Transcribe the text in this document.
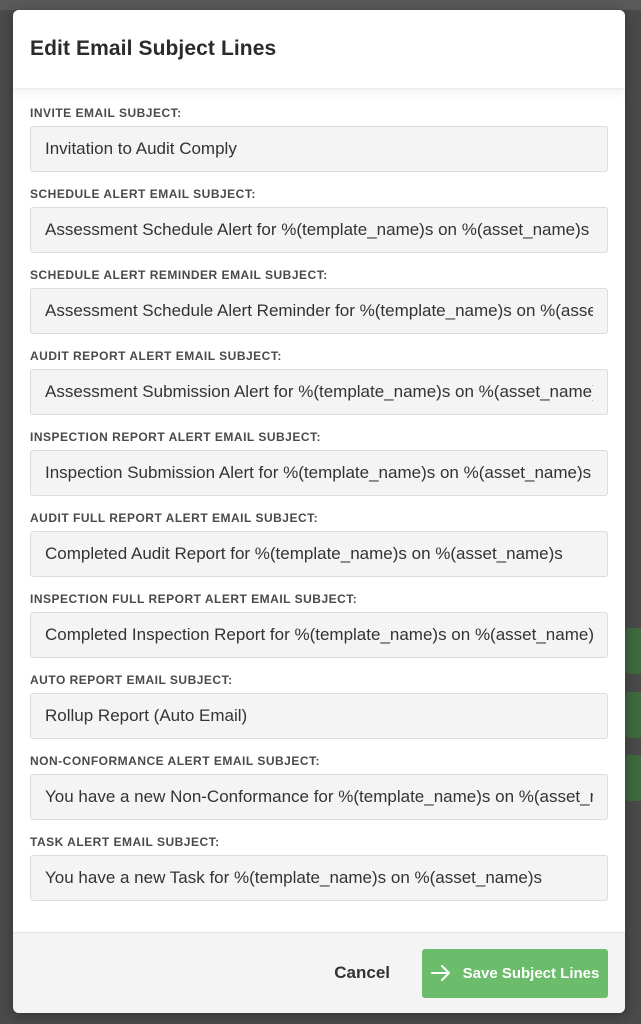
Edit Email Subject Lines
INVITE EMAIL SUBJECT:
Invitation to Audit Comply
SCHEDULE ALERT EMAIL SUBJECT:
Assessment Schedule Alert for %(template_name)s on %(asset_name)s
SCHEDULE ALERT REMINDER EMAIL SUBJECT:
Assessment Schedule Alert Reminder for %(template_name)s on %(asset_name)s
AUDIT REPORT ALERT EMAIL SUBJECT:
Assessment Submission Alert for %(template_name)s on %(asset_name)s
INSPECTION REPORT ALERT EMAIL SUBJECT:
Inspection Submission Alert for %(template_name)s on %(asset_name)s
AUDIT FULL REPORT ALERT EMAIL SUBJECT:
Completed Audit Report for %(template_name)s on %(asset_name)s
INSPECTION FULL REPORT ALERT EMAIL SUBJECT:
Completed Inspection Report for %(template_name)s on %(asset_name)s
AUTO REPORT EMAIL SUBJECT:
Rollup Report (Auto Email)
NON-CONFORMANCE ALERT EMAIL SUBJECT:
You have a new Non-Conformance for %(template_name)s on %(asset_name)s
TASK ALERT EMAIL SUBJECT:
You have a new Task for %(template_name)s on %(asset_name)s
Cancel	Save Subject Lines
